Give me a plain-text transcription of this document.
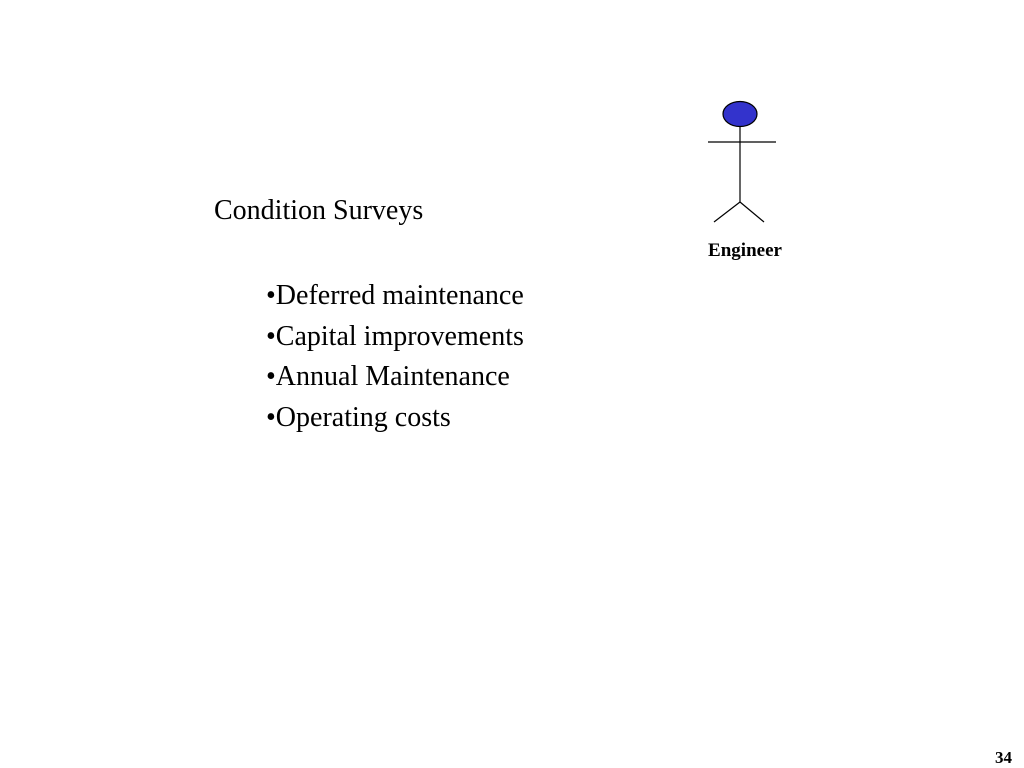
Condition Surveys
•Deferred maintenance
•Capital improvements
•Annual Maintenance
•Operating costs
Engineer
34
